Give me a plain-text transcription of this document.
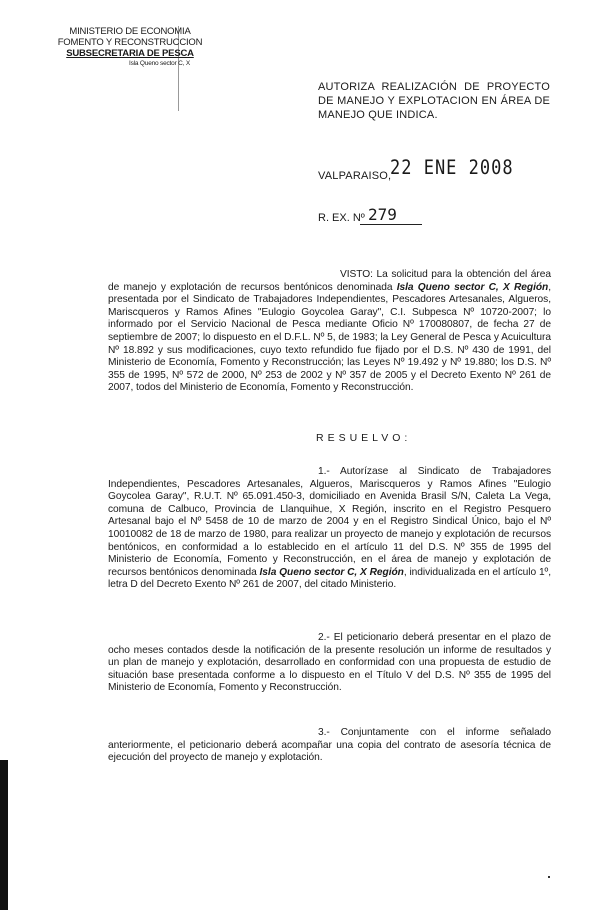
MINISTERIO DE ECONOMIA
FOMENTO Y RECONSTRUCCION
SUBSECRETARIA DE PESCA
Isla Queno sector C, X
AUTORIZA REALIZACIÓN DE PROYECTO DE MANEJO Y EXPLOTACION EN ÁREA DE MANEJO QUE INDICA.
VALPARAISO,
22 ENE 2008
R. EX. Nº 279
VISTO: La solicitud para la obtención del área de manejo y explotación de recursos bentónicos denominada Isla Queno sector C, X Región, presentada por el Sindicato de Trabajadores Independientes, Pescadores Artesanales, Algueros, Mariscqueros y Ramos Afines "Eulogio Goycolea Garay", C.I. Subpesca Nº 10720-2007; lo informado por el Servicio Nacional de Pesca mediante Oficio Nº 170080807, de fecha 27 de septiembre de 2007; lo dispuesto en el D.F.L. Nº 5, de 1983; la Ley General de Pesca y Acuicultura Nº 18.892 y sus modificaciones, cuyo texto refundido fue fijado por el D.S. Nº 430 de 1991, del Ministerio de Economía, Fomento y Reconstrucción; las Leyes Nº 19.492 y Nº 19.880; los D.S. Nº 355 de 1995, Nº 572 de 2000, Nº 253 de 2002 y Nº 357 de 2005 y el Decreto Exento Nº 261 de 2007, todos del Ministerio de Economía, Fomento y Reconstrucción.
RESUELVO:
1.- Autorízase al Sindicato de Trabajadores Independientes, Pescadores Artesanales, Algueros, Mariscqueros y Ramos Afines "Eulogio Goycolea Garay", R.U.T. Nº 65.091.450-3, domiciliado en Avenida Brasil S/N, Caleta La Vega, comuna de Calbuco, Provincia de Llanquihue, X Región, inscrito en el Registro Pesquero Artesanal bajo el Nº 5458 de 10 de marzo de 2004 y en el Registro Sindical Único, bajo el Nº 10010082 de 18 de marzo de 1980, para realizar un proyecto de manejo y explotación de recursos bentónicos, en conformidad a lo establecido en el artículo 11 del D.S. Nº 355 de 1995 del Ministerio de Economía, Fomento y Reconstrucción, en el área de manejo y explotación de recursos bentónicos denominada Isla Queno sector C, X Región, individualizada en el artículo 1º, letra D del Decreto Exento Nº 261 de 2007, del citado Ministerio.
2.- El peticionario deberá presentar en el plazo de ocho meses contados desde la notificación de la presente resolución un informe de resultados y un plan de manejo y explotación, desarrollado en conformidad con una propuesta de estudio de situación base presentada conforme a lo dispuesto en el Título V del D.S. Nº 355 de 1995 del Ministerio de Economía, Fomento y Reconstrucción.
3.- Conjuntamente con el informe señalado anteriormente, el peticionario deberá acompañar una copia del contrato de asesoría técnica de ejecución del proyecto de manejo y explotación.
